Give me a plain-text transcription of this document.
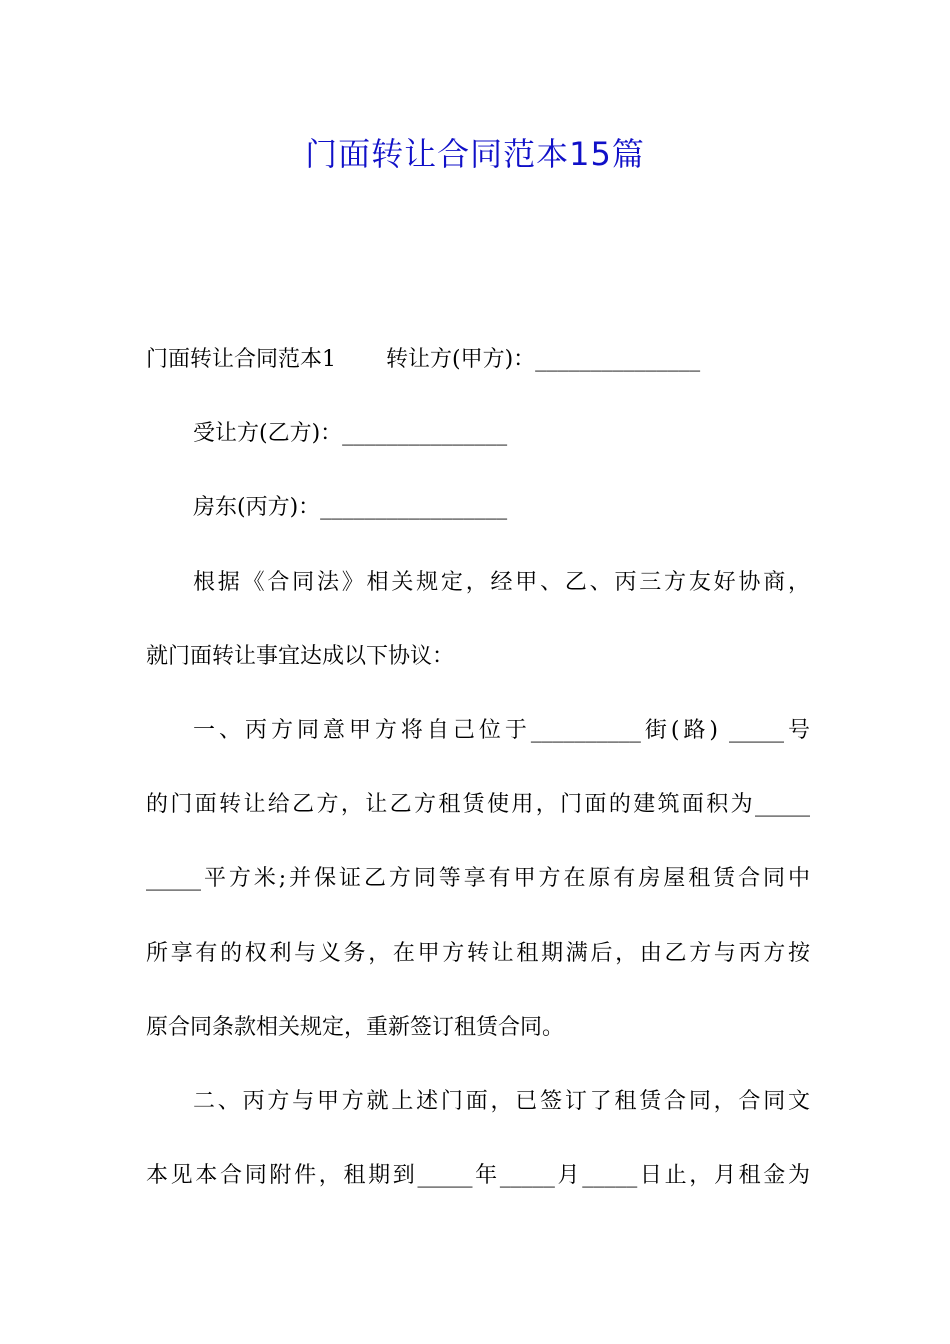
门面转让合同范本15篇
门面转让合同范本1 转让方(甲方)：_______________
受让方(乙方)：_______________
房东(丙方)：_________________
根据《合同法》相关规定，经甲、乙、丙三方友好协商，
就门面转让事宜达成以下协议：
一、丙方同意甲方将自己位于__________街(路) _____号
的门面转让给乙方，让乙方租赁使用，门面的建筑面积为_____
_____平方米;并保证乙方同等享有甲方在原有房屋租赁合同中
所享有的权利与义务，在甲方转让租期满后，由乙方与丙方按
原合同条款相关规定，重新签订租赁合同。
二、丙方与甲方就上述门面，已签订了租赁合同，合同文
本见本合同附件，租期到_____年_____月_____日止，月租金为
